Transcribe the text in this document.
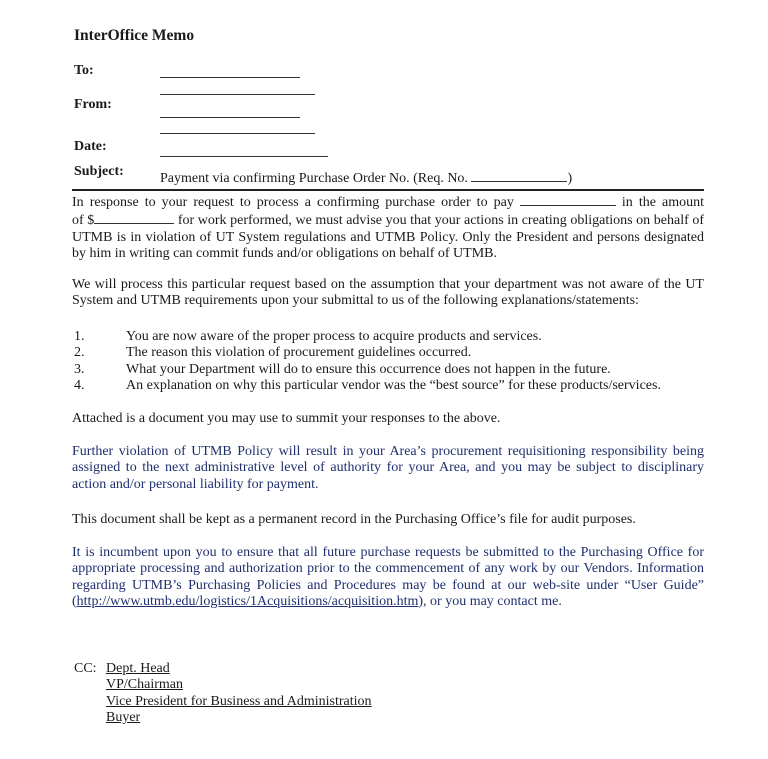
InterOffice Memo
To:
From:
Date:
Subject:	Payment via confirming Purchase Order No. (Req. No.	)
In response to your request to process a confirming purchase order to pay	in the amount
of $	for work performed, we must advise you that your actions in creating obligations on behalf of UTMB is in violation of UT System regulations and UTMB Policy. Only the President and persons designated by him in writing can commit funds and/or obligations on behalf of UTMB.
We will process this particular request based on the assumption that your department was not aware of the UT System and UTMB requirements upon your submittal to us of the following explanations/statements:
1.	You are now aware of the proper process to acquire products and services.
2.	The reason this violation of procurement guidelines occurred.
3.	What your Department will do to ensure this occurrence does not happen in the future.
4.	An explanation on why this particular vendor was the “best source” for these products/services.
Attached is a document you may use to summit your responses to the above.
Further violation of UTMB Policy will result in your Area’s procurement requisitioning responsibility being assigned to the next administrative level of authority for your Area, and you may be subject to disciplinary action and/or personal liability for payment.
This document shall be kept as a permanent record in the Purchasing Office’s file for audit purposes.
It is incumbent upon you to ensure that all future purchase requests be submitted to the Purchasing Office for appropriate processing and authorization prior to the commencement of any work by our Vendors. Information regarding UTMB’s Purchasing Policies and Procedures may be found at our web-site under “User Guide” (http://www.utmb.edu/logistics/1Acquisitions/acquisition.htm), or you may contact me.
CC: Dept. Head
VP/Chairman
Vice President for Business and Administration
Buyer
